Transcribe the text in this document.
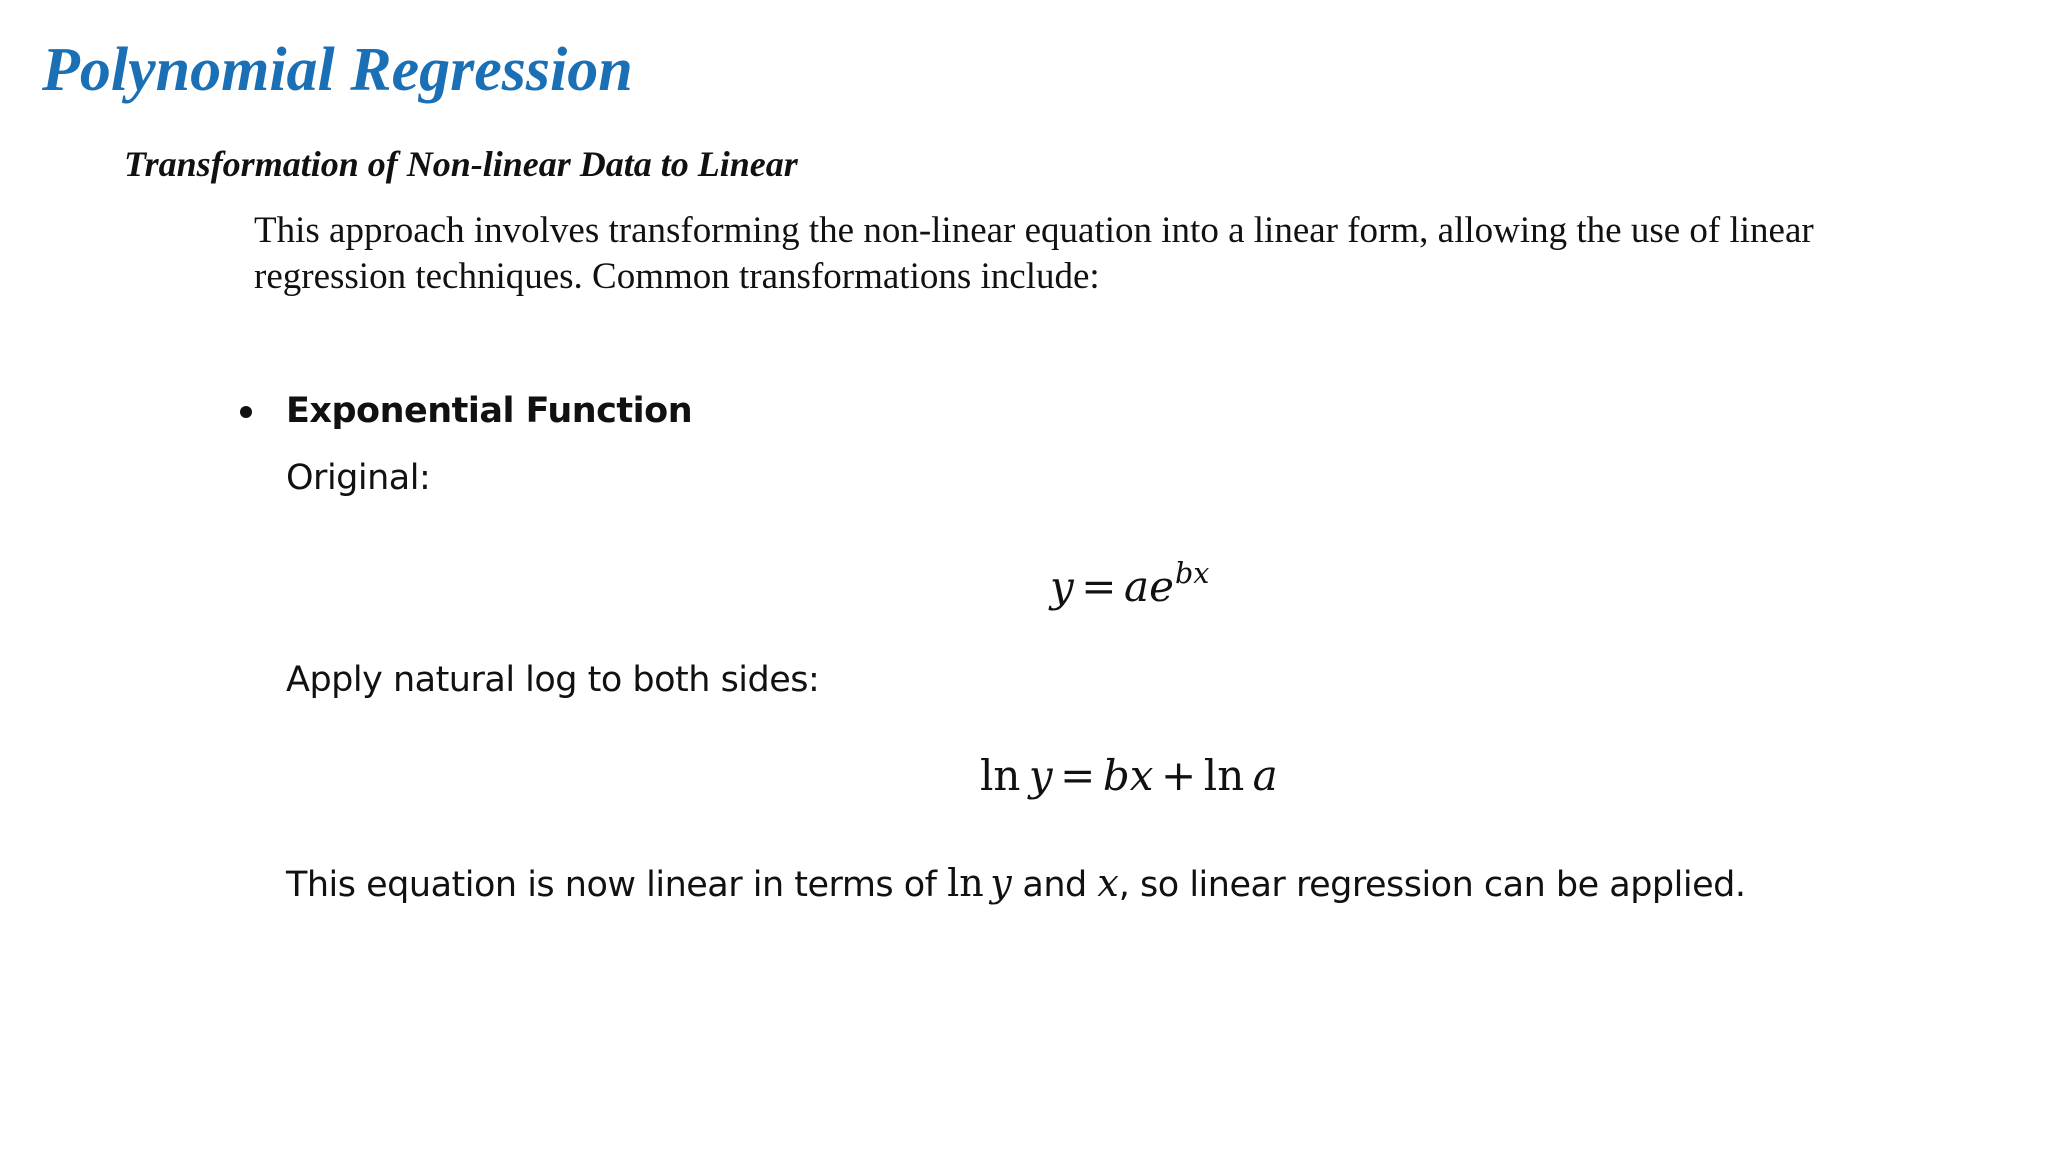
Polynomial Regression
Transformation of Non-linear Data to Linear

This approach involves transforming the non-linear equation into a linear form, allowing the use of linear regression techniques. Common transformations include:

Exponential Function
Original:
$y = ae^{bx}$
Apply natural log to both sides:
ln  y = bx + ln  a
This equation is now linear in terms of ln  y and x, so linear regression can be applied.
